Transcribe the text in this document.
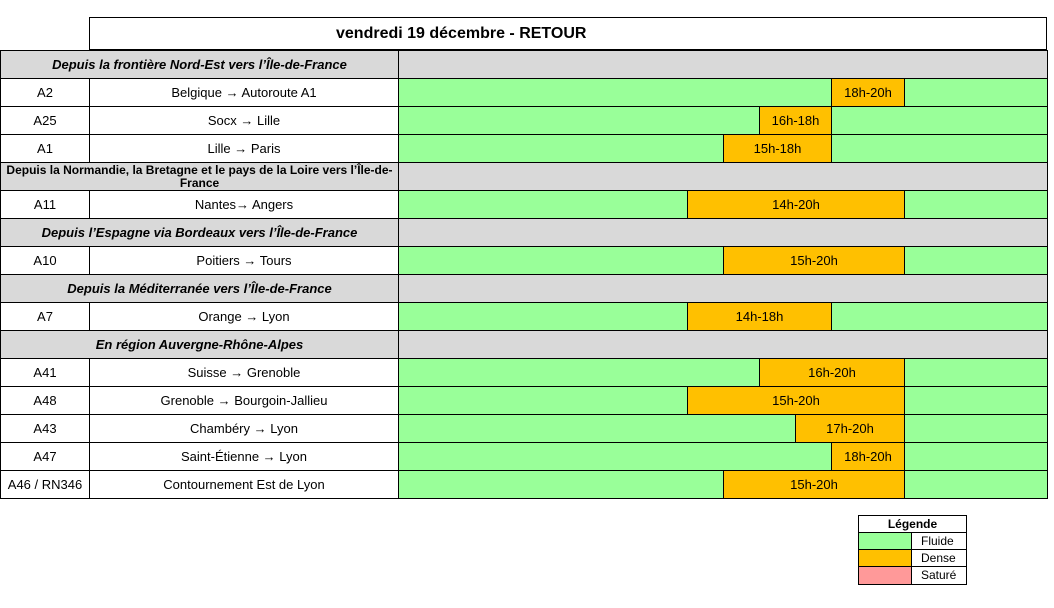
vendredi 19 décembre - RETOUR
Depuis la frontière Nord-Est vers l’Île-de-France
A2	Belgique → Autoroute A1	18h-20h
A25	Socx → Lille	16h-18h
A1	Lille → Paris	15h-18h
Depuis la Normandie, la Bretagne et le pays de la Loire vers l’Île-de-France
A11	Nantes→ Angers	14h-20h
Depuis l’Espagne via Bordeaux vers l’Île-de-France
A10	Poitiers → Tours	15h-20h
Depuis la Méditerranée vers l’Île-de-France
A7	Orange → Lyon	14h-18h
En région Auvergne-Rhône-Alpes
A41	Suisse → Grenoble	16h-20h
A48	Grenoble → Bourgoin-Jallieu	15h-20h
A43	Chambéry → Lyon	17h-20h
A47	Saint-Étienne → Lyon	18h-20h
A46 / RN346	Contournement Est de Lyon	15h-20h
Légende
Fluide
Dense
Saturé
